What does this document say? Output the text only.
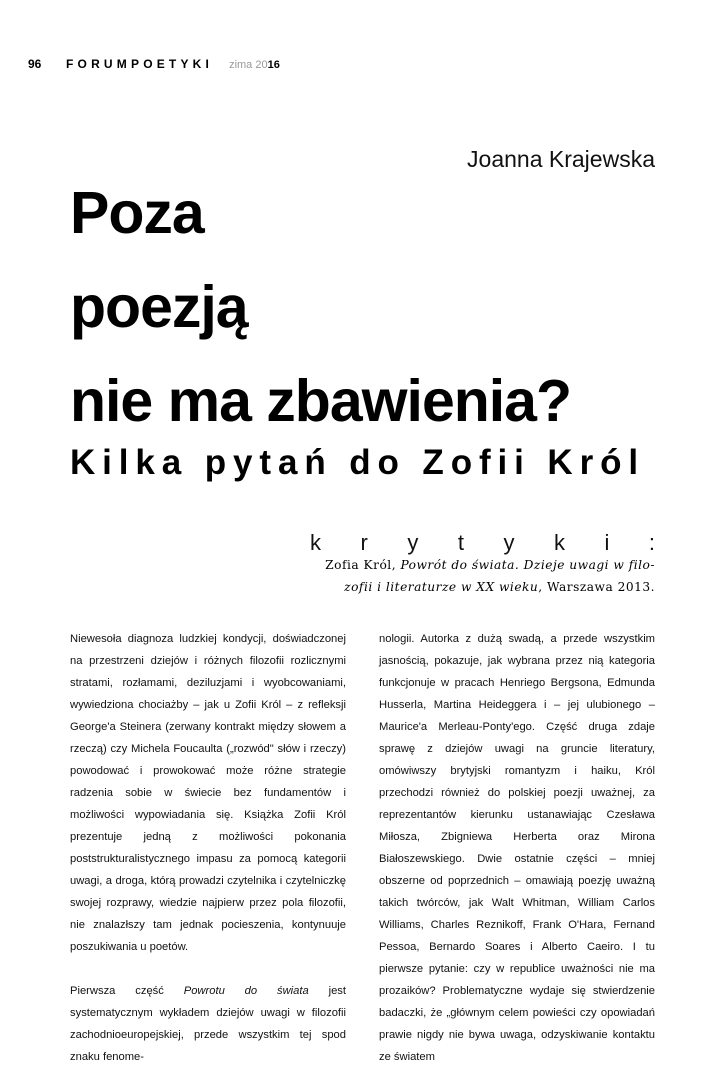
96	FORUMPOETYKI zima 2016
Joanna Krajewska
Poza
poezją
nie ma zbawienia?
Kilka pytań do Zofii Król
k r y t y k i :
Zofia Król, Powrót do świata. Dzieje uwagi w filo-
zofii i literaturze w XX wieku, Warszawa 2013.

Niewesoła diagnoza ludzkiej kondycji, doświadczonej na przestrzeni dziejów i różnych filozofii rozlicznymi stratami, rozłamami, deziluzjami i wyobcowaniami, wywiedziona chociażby – jak u Zofii Król – z refleksji George'a Steinera (zerwany kontrakt między słowem a rzeczą) czy Michela Foucaulta („rozwód" słów i rzeczy) powodować i prowokować może różne strategie radzenia sobie w świecie bez fundamentów i możliwości wypowiadania się. Książka Zofii Król prezentuje jedną z możliwości pokonania poststrukturalistycznego impasu za pomocą kategorii uwagi, a droga, którą prowadzi czytelnika i czytelniczkę swojej rozprawy, wiedzie najpierw przez pola filozofii, nie znalazłszy tam jednak pocieszenia, kontynuuje poszukiwania u poetów.

Pierwsza część Powrotu do świata jest systematycznym wykładem dziejów uwagi w filozofii zachodnioeuropejskiej, przede wszystkim tej spod znaku fenome-

nologii. Autorka z dużą swadą, a przede wszystkim jasnością, pokazuje, jak wybrana przez nią kategoria funkcjonuje w pracach Henriego Bergsona, Edmunda Husserla, Martina Heideggera i – jej ulubionego – Maurice'a Merleau-Ponty'ego. Część druga zdaje sprawę z dziejów uwagi na gruncie literatury, omówiwszy brytyjski romantyzm i haiku, Król przechodzi również do polskiej poezji uważnej, za reprezentantów kierunku ustanawiając Czesława Miłosza, Zbigniewa Herberta oraz Mirona Białoszewskiego. Dwie ostatnie części – mniej obszerne od poprzednich – omawiają poezję uważną takich twórców, jak Walt Whitman, William Carlos Williams, Charles Reznikoff, Frank O'Hara, Fernand Pessoa, Bernardo Soares i Alberto Caeiro. I tu pierwsze pytanie: czy w republice uważności nie ma prozaików? Problematyczne wydaje się stwierdzenie badaczki, że „głównym celem powieści czy opowiadań prawie nigdy nie bywa uwaga, odzyskiwanie kontaktu ze światem
